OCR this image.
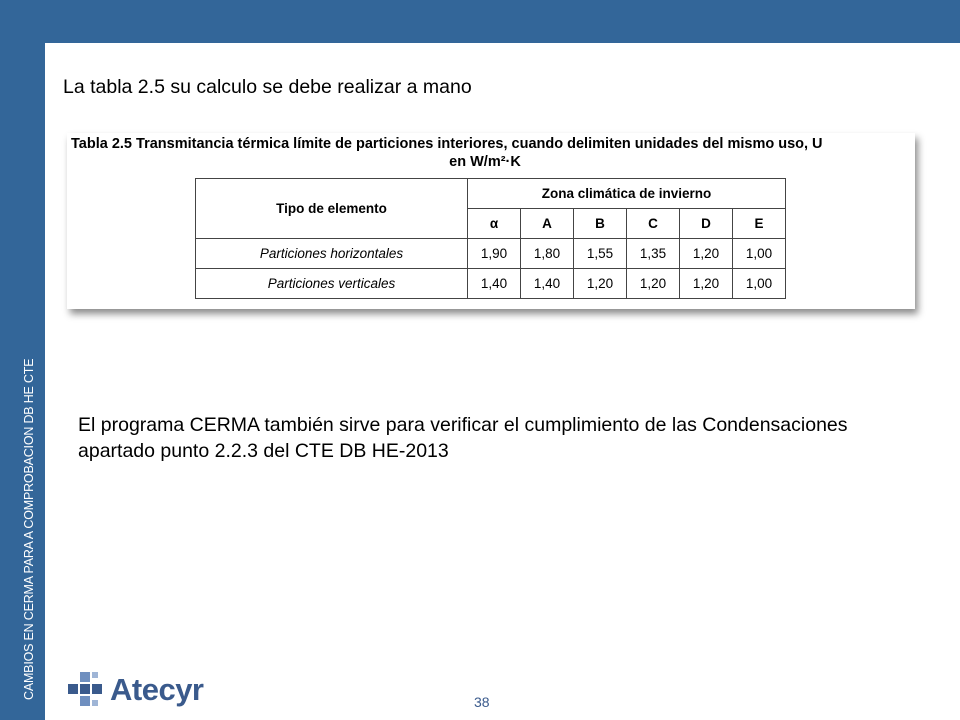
CAMBIOS EN CERMA PARA A COMPROBACION DB HE CTE
La tabla 2.5 su calculo se debe realizar a mano
Tabla 2.5 Transmitancia térmica límite de particiones interiores, cuando delimiten unidades del mismo uso, U
en W/m²·K
Tipo de elemento	Zona climática de invierno					
	α	A	B	C	D	E
Particiones horizontales	1,90	1,80	1,55	1,35	1,20	1,00
Particiones verticales	1,40	1,40	1,20	1,20	1,20	1,00
El programa CERMA también sirve para verificar el cumplimiento de las Condensaciones apartado punto 2.2.3 del CTE DB HE-2013
Atecyr	38
